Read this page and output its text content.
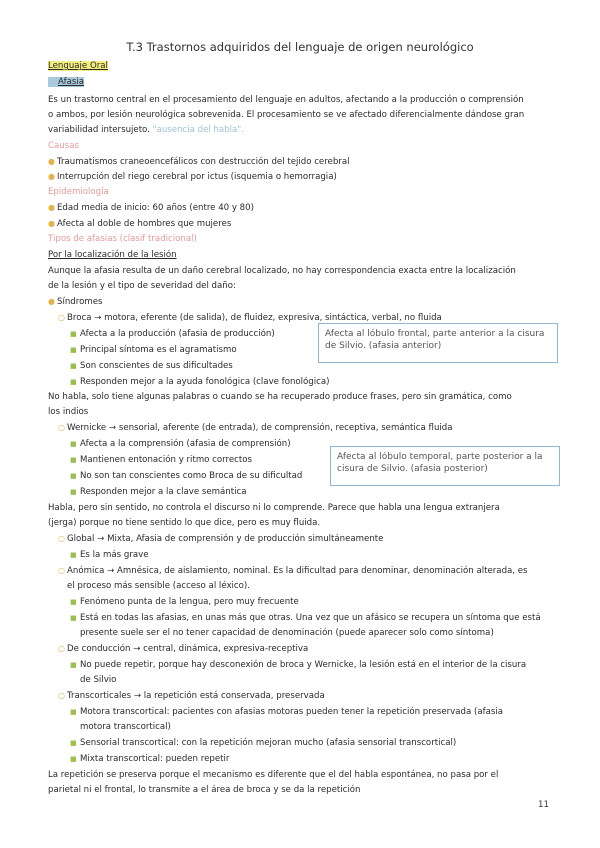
T.3 Trastornos adquiridos del lenguaje de origen neurológico
Lenguaje Oral
Afasia
Es un trastorno central en el procesamiento del lenguaje en adultos, afectando a la producción o comprensión
o ambos, por lesión neurológica sobrevenida. El procesamiento se ve afectado diferencialmente dándose gran
variabilidad intersujeto. "ausencia del habla".
Causas
● Traumatismos craneoencefálicos con destrucción del tejido cerebral
● Interrupción del riego cerebral por ictus (isquemia o hemorragia)
Epidemiología
● Edad media de inicio: 60 años (entre 40 y 80)
● Afecta al doble de hombres que mujeres
Tipos de afasias (clasif tradicional)
Por la localización de la lesión
Aunque la afasia resulta de un daño cerebral localizado, no hay correspondencia exacta entre la localización
de la lesión y el tipo de severidad del daño:
● Síndromes
○ Broca → motora, eferente (de salida), de fluidez, expresiva, sintáctica, verbal, no fluida
■ Afecta a la producción (afasia de producción)
■ Principal síntoma es el agramatismo
■ Son conscientes de sus dificultades
■ Responden mejor a la ayuda fonológica (clave fonológica)
Afecta al lóbulo frontal, parte anterior a la cisura de Silvio. (afasia anterior)
No habla, solo tiene algunas palabras o cuando se ha recuperado produce frases, pero sin gramática, como
los indios
○ Wernicke → sensorial, aferente (de entrada), de comprensión, receptiva, semántica fluida
■ Afecta a la comprensión (afasia de comprensión)
■ Mantienen entonación y ritmo correctos
■ No son tan conscientes como Broca de su dificultad
■ Responden mejor a la clave semántica
Afecta al lóbulo temporal, parte posterior a la cisura de Silvio. (afasia posterior)
Habla, pero sin sentido, no controla el discurso ni lo comprende. Parece que habla una lengua extranjera
(jerga) porque no tiene sentido lo que dice, pero es muy fluida.
○ Global → Mixta, Afasia de comprensión y de producción simultáneamente
■ Es la más grave
○ Anómica → Amnésica, de aislamiento, nominal. Es la dificultad para denominar, denominación alterada, es
el proceso más sensible (acceso al léxico).
■ Fenómeno punta de la lengua, pero muy frecuente
■ Está en todas las afasias, en unas más que otras. Una vez que un afásico se recupera un síntoma que está
presente suele ser el no tener capacidad de denominación (puede aparecer solo como síntoma)
○ De conducción → central, dinámica, expresiva-receptiva
■ No puede repetir, porque hay desconexión de broca y Wernicke, la lesión está en el interior de la cisura
de Silvio
○ Transcorticales → la repetición está conservada, preservada
■ Motora transcortical: pacientes con afasias motoras pueden tener la repetición preservada (afasia
motora transcortical)
■ Sensorial transcortical: con la repetición mejoran mucho (afasia sensorial transcortical)
■ Mixta transcortical: pueden repetir
La repetición se preserva porque el mecanismo es diferente que el del habla espontánea, no pasa por el
parietal ni el frontal, lo transmite a el área de broca y se da la repetición
11
